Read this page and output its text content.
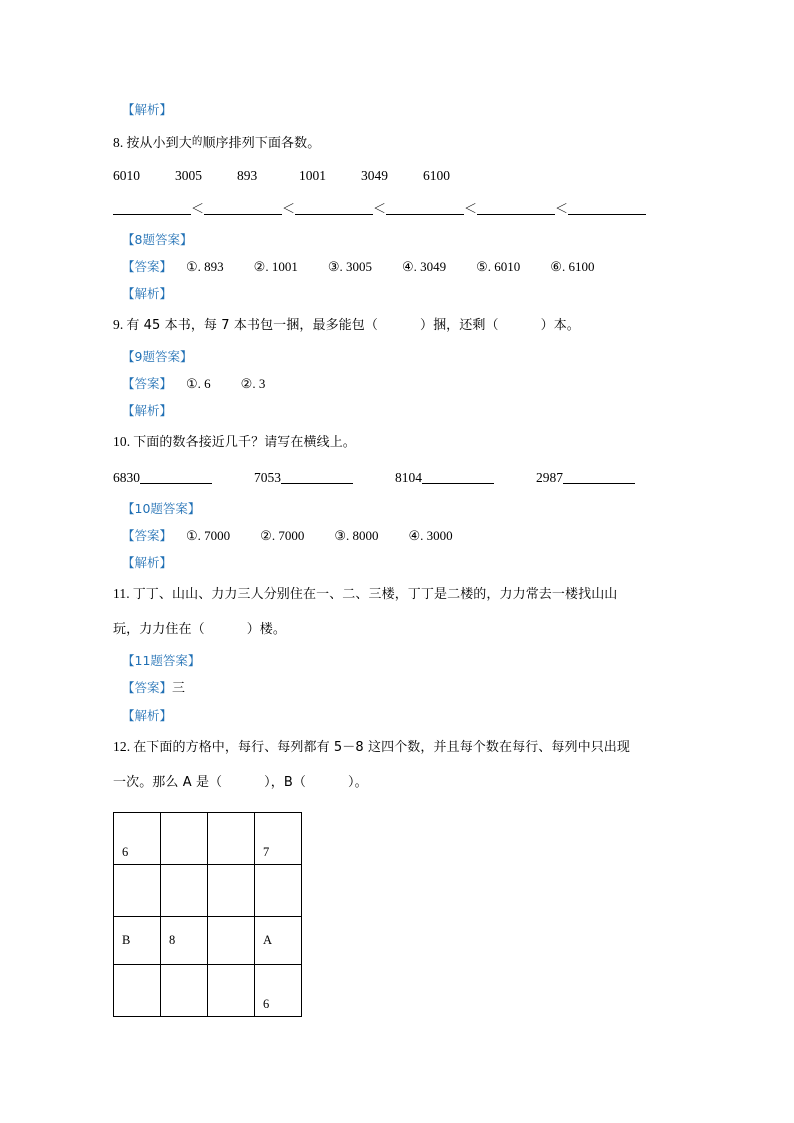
【解析】
8. 按从小到大$^的$顺序排列下面各数。
6010	3005	893	1001	3049	6100
＜	＜	＜	＜	＜
【8题答案】
【答案】 ①. 893 ②. 1001 ③. 3005 ④. 3049 ⑤. 6010 ⑥. 6100
【解析】
9. 有 45 本书，每 7 本书包一捆，最多能包（	）捆，还剩（	）本。
【9题答案】
【答案】 ①. 6 ②. 3
【解析】
10. 下面的数各接近几千？请写在横线上。
6830	7053	8104	2987
【10题答案】
【答案】 ①. 7000 ②. 7000 ③. 8000 ④. 3000
【解析】
11. 丁丁、山山、力力三人分别住在一、二、三楼，丁丁是二楼的，力力常去一楼找山山
玩，力力住在（	）楼。
【11题答案】
【答案】三
【解析】
12. 在下面的方格中，每行、每列都有 5－8 这四个数，并且每个数在每行、每列中只出现
一次。那么 A 是（	），B（	）。
6			7

B	8		A
			6
